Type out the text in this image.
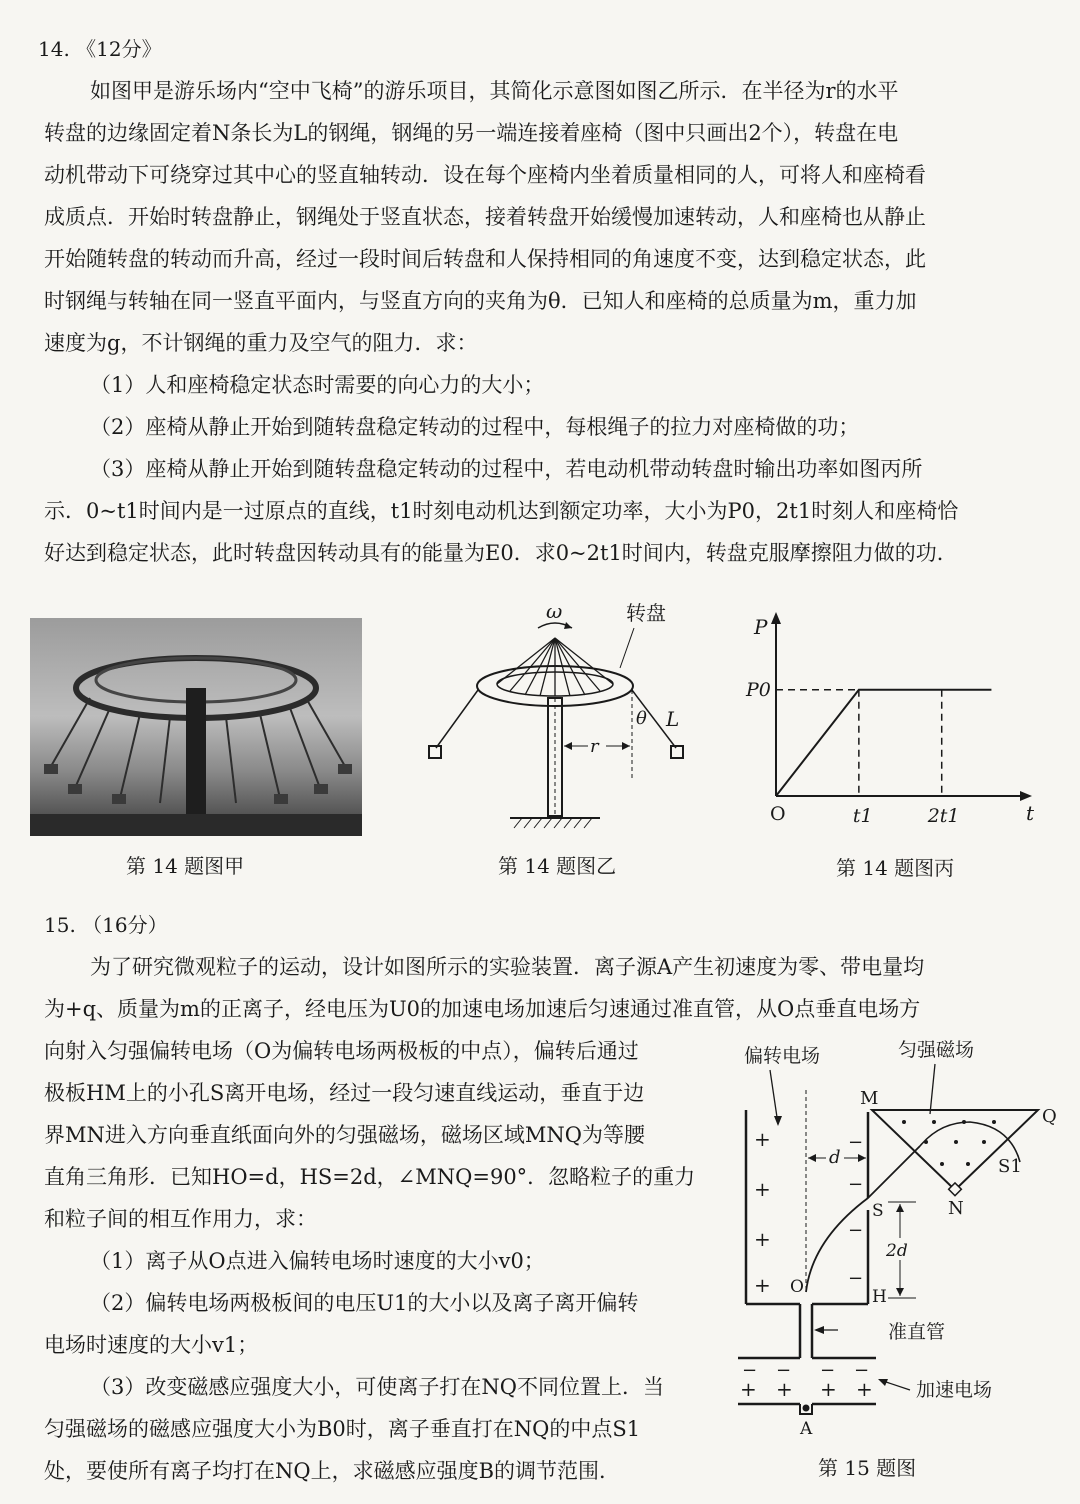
14. 《12分》
如图甲是游乐场内“空中飞椅”的游乐项目，其简化示意图如图乙所示．在半径为r的水平
转盘的边缘固定着N条长为L的钢绳，钢绳的另一端连接着座椅（图中只画出2个），转盘在电
动机带动下可绕穿过其中心的竖直轴转动．设在每个座椅内坐着质量相同的人，可将人和座椅看
成质点．开始时转盘静止，钢绳处于竖直状态，接着转盘开始缓慢加速转动，人和座椅也从静止
开始随转盘的转动而升高，经过一段时间后转盘和人保持相同的角速度不变，达到稳定状态，此
时钢绳与转轴在同一竖直平面内，与竖直方向的夹角为θ．已知人和座椅的总质量为m，重力加
速度为g，不计钢绳的重力及空气的阻力．求：
（1）人和座椅稳定状态时需要的向心力的大小；
（2）座椅从静止开始到随转盘稳定转动的过程中，每根绳子的拉力对座椅做的功；
（3）座椅从静止开始到随转盘稳定转动的过程中，若电动机带动转盘时输出功率如图丙所
示．0~t1时间内是一过原点的直线，t1时刻电动机达到额定功率，大小为P0，2t1时刻人和座椅恰
好达到稳定状态，此时转盘因转动具有的能量为E0．求0~2t1时间内，转盘克服摩擦阻力做的功．
ω	转盘
θ L
r
P
P0
O	t1	2t1	t
第 14 题图甲	第 14 题图乙	第 14 题图丙
15. （16分）
为了研究微观粒子的运动，设计如图所示的实验装置．离子源A产生初速度为零、带电量均
为+q、质量为m的正离子，经电压为U0的加速电场加速后匀速通过准直管，从O点垂直电场方
向射入匀强偏转电场（O为偏转电场两极板的中点），偏转后通过
极板HM上的小孔S离开电场，经过一段匀速直线运动，垂直于边
界MN进入方向垂直纸面向外的匀强磁场，磁场区域MNQ为等腰
直角三角形．已知HO=d，HS=2d，∠MNQ=90°．忽略粒子的重力
和粒子间的相互作用力，求：
（1）离子从O点进入偏转电场时速度的大小v0；
（2）偏转电场两极板间的电压U1的大小以及离子离开偏转
电场时速度的大小v1；
（3）改变磁感应强度大小，可使离子打在NQ不同位置上．当
匀强磁场的磁感应强度大小为B0时，离子垂直打在NQ的中点S1
处，要使所有离子均打在NQ上，求磁感应强度B的调节范围．
偏转电场	匀强磁场
+
+
+
+
−
−
−
−
d
准直管
− − − −
+ + + +
A
加速电场
M
Q
N
S1
S
H
O
2d
第 15 题图
